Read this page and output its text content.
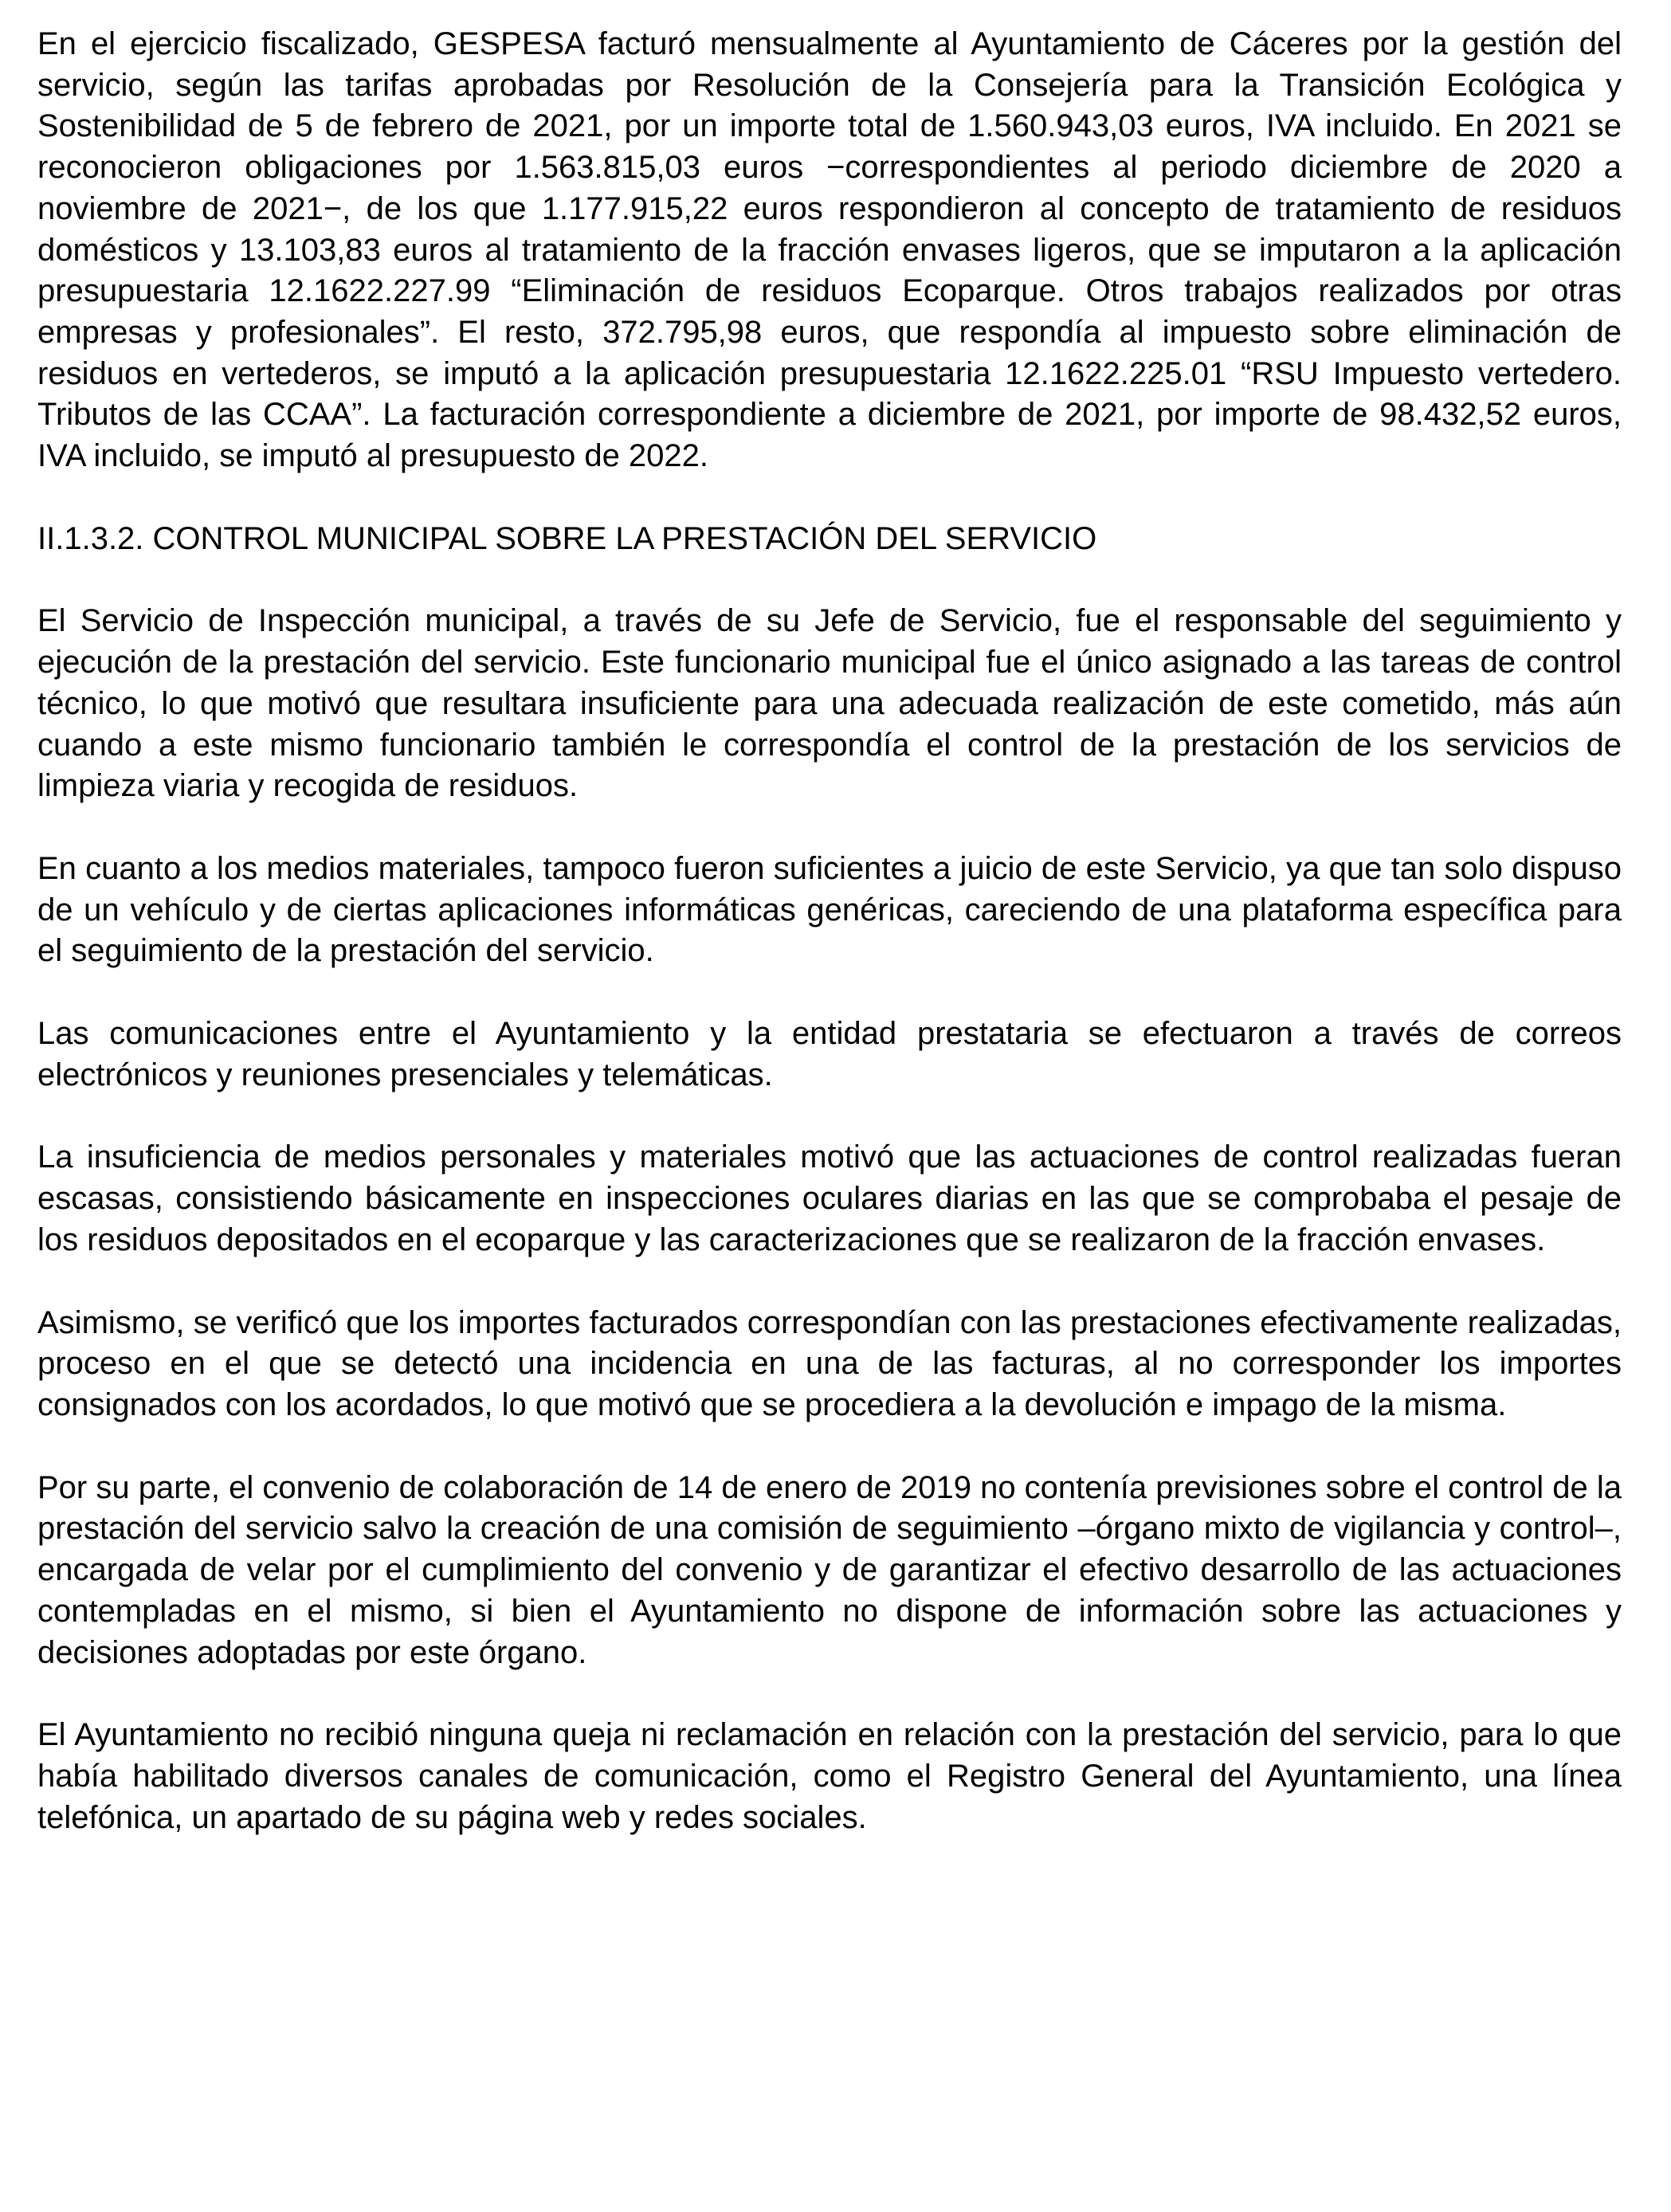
En el ejercicio fiscalizado, GESPESA facturó mensualmente al Ayuntamiento de Cáceres por la gestión del servicio, según las tarifas aprobadas por Resolución de la Consejería para la Transición Ecológica y Sostenibilidad de 5 de febrero de 2021, por un importe total de 1.560.943,03 euros, IVA incluido. En 2021 se reconocieron obligaciones por 1.563.815,03 euros −correspondientes al periodo diciembre de 2020 a noviembre de 2021−, de los que 1.177.915,22 euros respondieron al concepto de tratamiento de residuos domésticos y 13.103,83 euros al tratamiento de la fracción envases ligeros, que se imputaron a la aplicación presupuestaria 12.1622.227.99 “Eliminación de residuos Ecoparque. Otros trabajos realizados por otras empresas y profesionales”. El resto, 372.795,98 euros, que respondía al impuesto sobre eliminación de residuos en vertederos, se imputó a la aplicación presupuestaria 12.1622.225.01 “RSU Impuesto vertedero. Tributos de las CCAA”. La facturación correspondiente a diciembre de 2021, por importe de 98.432,52 euros, IVA incluido, se imputó al presupuesto de 2022.

II.1.3.2. CONTROL MUNICIPAL SOBRE LA PRESTACIÓN DEL SERVICIO

El Servicio de Inspección municipal, a través de su Jefe de Servicio, fue el responsable del seguimiento y ejecución de la prestación del servicio. Este funcionario municipal fue el único asignado a las tareas de control técnico, lo que motivó que resultara insuficiente para una adecuada realización de este cometido, más aún cuando a este mismo funcionario también le correspondía el control de la prestación de los servicios de limpieza viaria y recogida de residuos.

En cuanto a los medios materiales, tampoco fueron suficientes a juicio de este Servicio, ya que tan solo dispuso de un vehículo y de ciertas aplicaciones informáticas genéricas, careciendo de una plataforma específica para el seguimiento de la prestación del servicio.

Las comunicaciones entre el Ayuntamiento y la entidad prestataria se efectuaron a través de correos electrónicos y reuniones presenciales y telemáticas.

La insuficiencia de medios personales y materiales motivó que las actuaciones de control realizadas fueran escasas, consistiendo básicamente en inspecciones oculares diarias en las que se comprobaba el pesaje de los residuos depositados en el ecoparque y las caracterizaciones que se realizaron de la fracción envases.

Asimismo, se verificó que los importes facturados correspondían con las prestaciones efectivamente realizadas, proceso en el que se detectó una incidencia en una de las facturas, al no corresponder los importes consignados con los acordados, lo que motivó que se procediera a la devolución e impago de la misma.

Por su parte, el convenio de colaboración de 14 de enero de 2019 no contenía previsiones sobre el control de la prestación del servicio salvo la creación de una comisión de seguimiento –órgano mixto de vigilancia y control–, encargada de velar por el cumplimiento del convenio y de garantizar el efectivo desarrollo de las actuaciones contempladas en el mismo, si bien el Ayuntamiento no dispone de información sobre las actuaciones y decisiones adoptadas por este órgano.

El Ayuntamiento no recibió ninguna queja ni reclamación en relación con la prestación del servicio, para lo que había habilitado diversos canales de comunicación, como el Registro General del Ayuntamiento, una línea telefónica, un apartado de su página web y redes sociales.
